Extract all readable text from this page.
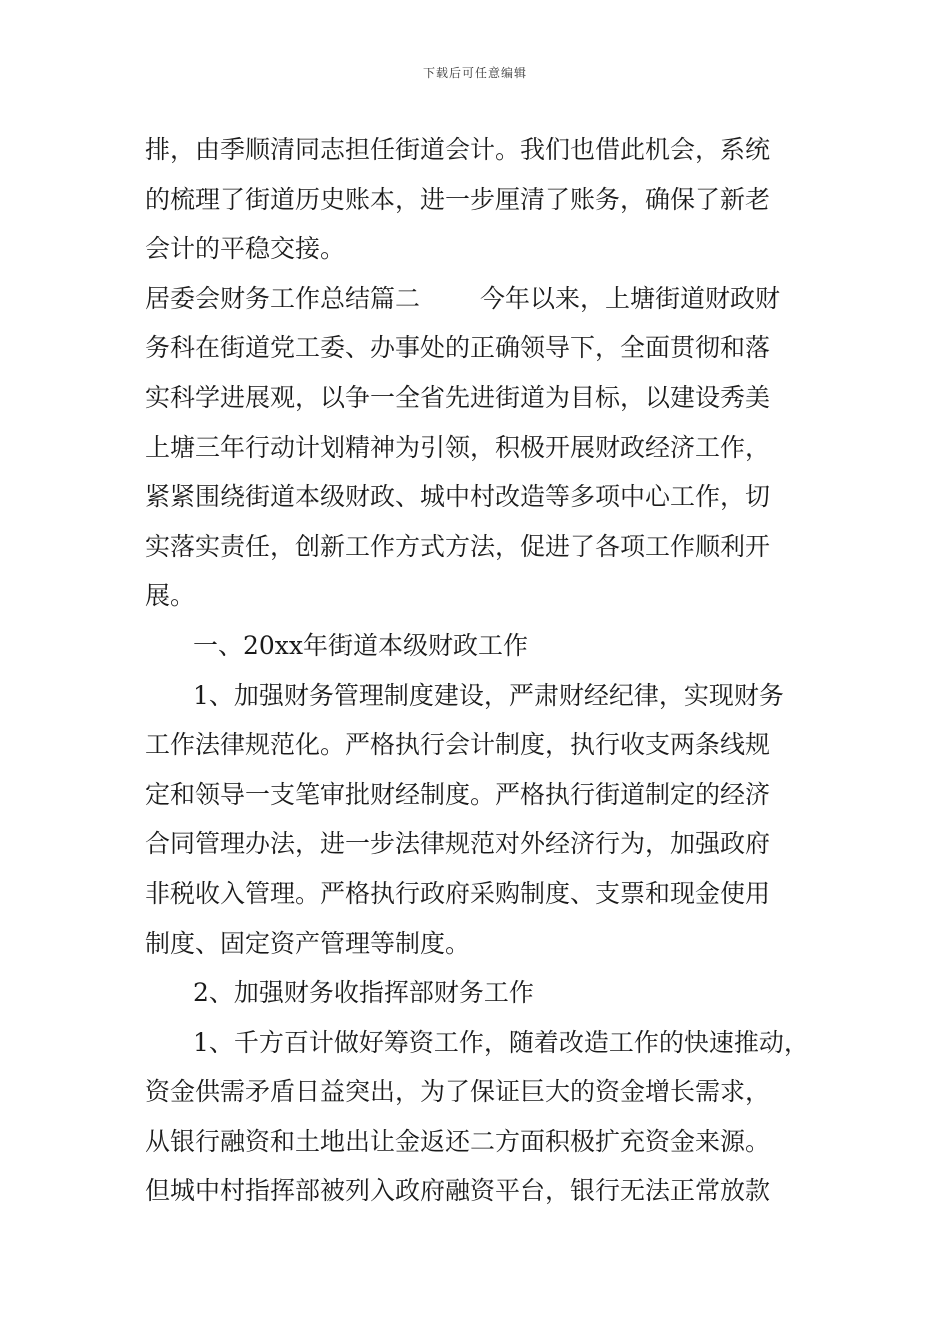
下载后可任意编辑
排，由季顺清同志担任街道会计。我们也借此机会，系统
的梳理了街道历史账本，进一步厘清了账务，确保了新老
会计的平稳交接。
居委会财务工作总结篇二 今年以来，上塘街道财政财
务科在街道党工委、办事处的正确领导下，全面贯彻和落
实科学进展观，以争一全省先进街道为目标，以建设秀美
上塘三年行动计划精神为引领，积极开展财政经济工作，
紧紧围绕街道本级财政、城中村改造等多项中心工作，切
实落实责任，创新工作方式方法，促进了各项工作顺利开
展。
一、20xx年街道本级财政工作
1、加强财务管理制度建设，严肃财经纪律，实现财务
工作法律规范化。严格执行会计制度，执行收支两条线规
定和领导一支笔审批财经制度。严格执行街道制定的经济
合同管理办法，进一步法律规范对外经济行为，加强政府
非税收入管理。严格执行政府采购制度、支票和现金使用
制度、固定资产管理等制度。
2、加强财务收指挥部财务工作
1、千方百计做好筹资工作，随着改造工作的快速推动，
资金供需矛盾日益突出，为了保证巨大的资金增长需求，
从银行融资和土地出让金返还二方面积极扩充资金来源。
但城中村指挥部被列入政府融资平台，银行无法正常放款
